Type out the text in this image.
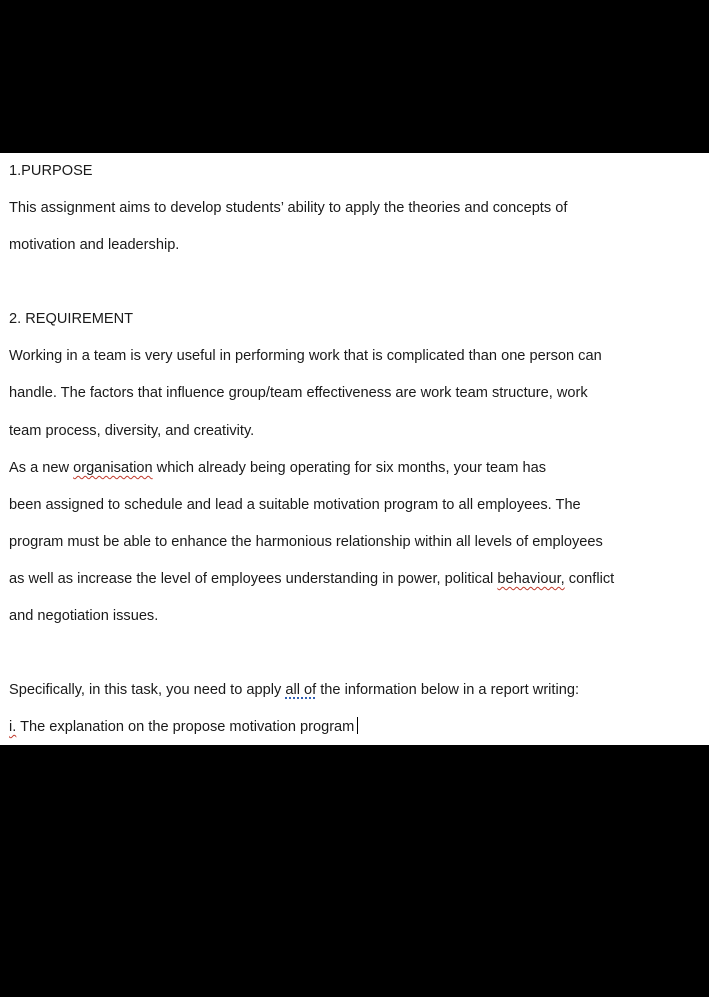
1.PURPOSE
This assignment aims to develop students’ ability to apply the theories and concepts of
motivation and leadership.
2. REQUIREMENT
Working in a team is very useful in performing work that is complicated than one person can
handle. The factors that influence group/team effectiveness are work team structure, work
team process, diversity, and creativity.
As a new organisation which already being operating for six months, your team has
been assigned to schedule and lead a suitable motivation program to all employees. The
program must be able to enhance the harmonious relationship within all levels of employees
as well as increase the level of employees understanding in power, political behaviour, conflict
and negotiation issues.
Specifically, in this task, you need to apply all of the information below in a report writing:
i. The explanation on the propose motivation program
